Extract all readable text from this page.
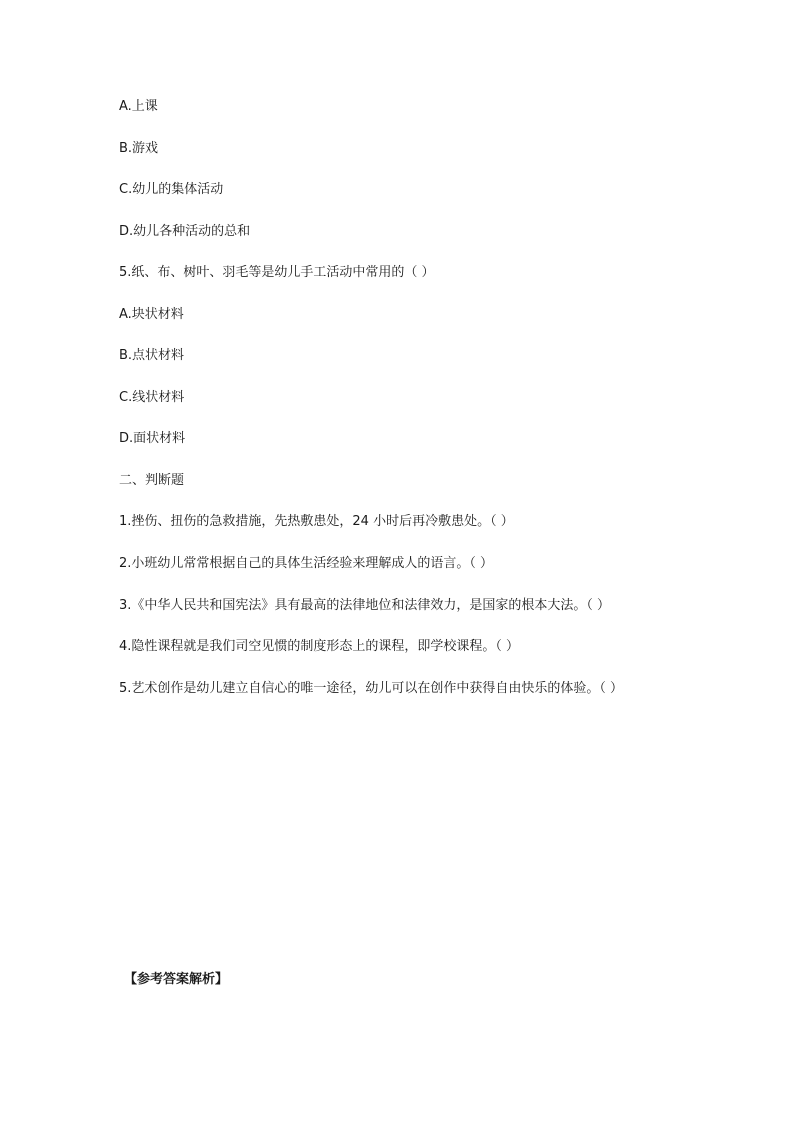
A.上课
B.游戏
C.幼儿的集体活动
D.幼儿各种活动的总和
5.纸、布、树叶、羽毛等是幼儿手工活动中常用的（ ）
A.块状材料
B.点状材料
C.线状材料
D.面状材料
二、判断题
1.挫伤、扭伤的急救措施，先热敷患处，24 小时后再冷敷患处。（ ）
2.小班幼儿常常根据自己的具体生活经验来理解成人的语言。（ ）
3.《中华人民共和国宪法》具有最高的法律地位和法律效力，是国家的根本大法。（ ）
4.隐性课程就是我们司空见惯的制度形态上的课程，即学校课程。（ ）
5.艺术创作是幼儿建立自信心的唯一途径，幼儿可以在创作中获得自由快乐的体验。（ ）
【参考答案解析】
